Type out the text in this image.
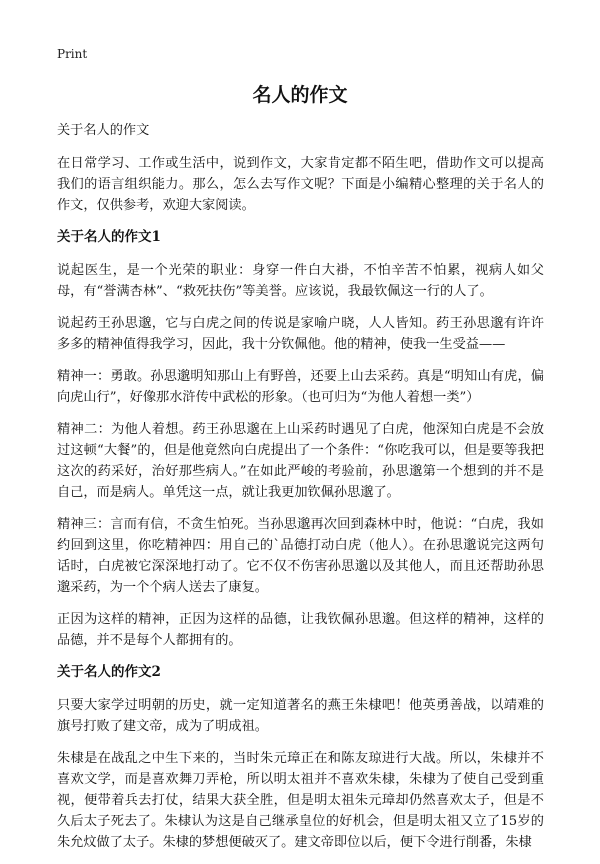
Print
名人的作文

关于名人的作文

在日常学习、工作或生活中，说到作文，大家肯定都不陌生吧，借助作文可以提高我们的语言组织能力。那么，怎么去写作文呢？下面是小编精心整理的关于名人的作文，仅供参考，欢迎大家阅读。

关于名人的作文1

说起医生，是一个光荣的职业：身穿一件白大褂，不怕辛苦不怕累，视病人如父母，有“誉满杏林”、“救死扶伤”等美誉。应该说，我最钦佩这一行的人了。

说起药王孙思邈，它与白虎之间的传说是家喻户晓，人人皆知。药王孙思邈有许许多多的精神值得我学习，因此，我十分钦佩他。他的精神，使我一生受益——

精神一：勇敢。孙思邈明知那山上有野兽，还要上山去采药。真是“明知山有虎，偏向虎山行”，好像那水浒传中武松的形象。（也可归为“为他人着想一类”）

精神二：为他人着想。药王孙思邈在上山采药时遇见了白虎，他深知白虎是不会放过这顿“大餐”的，但是他竟然向白虎提出了一个条件：“你吃我可以，但是要等我把这次的药采好，治好那些病人。”在如此严峻的考验前，孙思邈第一个想到的并不是自己，而是病人。单凭这一点，就让我更加钦佩孙思邈了。

精神三：言而有信，不贪生怕死。当孙思邈再次回到森林中时，他说：“白虎，我如约回到这里，你吃精神四：用自己的`品德打动白虎（他人）。在孙思邈说完这两句话时，白虎被它深深地打动了。它不仅不伤害孙思邈以及其他人，而且还帮助孙思邈采药，为一个个病人送去了康复。

正因为这样的精神，正因为这样的品德，让我钦佩孙思邈。但这样的精神，这样的品德，并不是每个人都拥有的。

关于名人的作文2

只要大家学过明朝的历史，就一定知道著名的燕王朱棣吧！他英勇善战，以靖难的旗号打败了建文帝，成为了明成祖。

朱棣是在战乱之中生下来的，当时朱元璋正在和陈友琼进行大战。所以，朱棣并不喜欢文学，而是喜欢舞刀弄枪，所以明太祖并不喜欢朱棣，朱棣为了使自己受到重视，便带着兵去打仗，结果大获全胜，但是明太祖朱元璋却仍然喜欢太子，但是不久后太子死去了。朱棣认为这是自己继承皇位的好机会，但是明太祖又立了15岁的朱允炆做了太子。朱棣的梦想便破灭了。建文帝即位以后，便下令进行削番，朱棣
